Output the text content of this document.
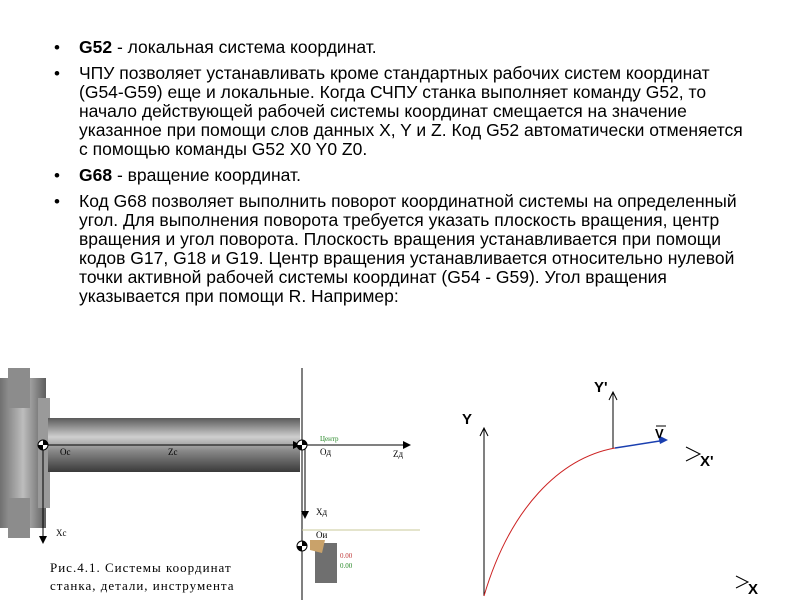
• G52 - локальная система координат.
• ЧПУ позволяет устанавливать кроме стандартных рабочих систем координат (G54-G59) еще и локальные. Когда СЧПУ станка выполняет команду G52, то начало действующей рабочей системы координат смещается на значение указанное при помощи слов данных X, Y и Z. Код G52 автоматически отменяется с помощью команды G52 X0 Y0 Z0.
• G68 - вращение координат.
• Код G68 позволяет выполнить поворот координатной системы на определенный угол. Для выполнения поворота требуется указать плоскость вращения, центр вращения и угол поворота. Плоскость вращения устанавливается при помощи кодов G17, G18 и G19. Центр вращения устанавливается относительно нулевой точки активной рабочей системы координат (G54 - G59). Угол вращения указывается при помощи R. Например:
Oc	Zc
Xc
Центр
Oд	Zд
Xд
Oи
0.00
0.00
Рис.4.1. Системы координат
станка, детали, инструмента
Y
X
Y'
X'
V
